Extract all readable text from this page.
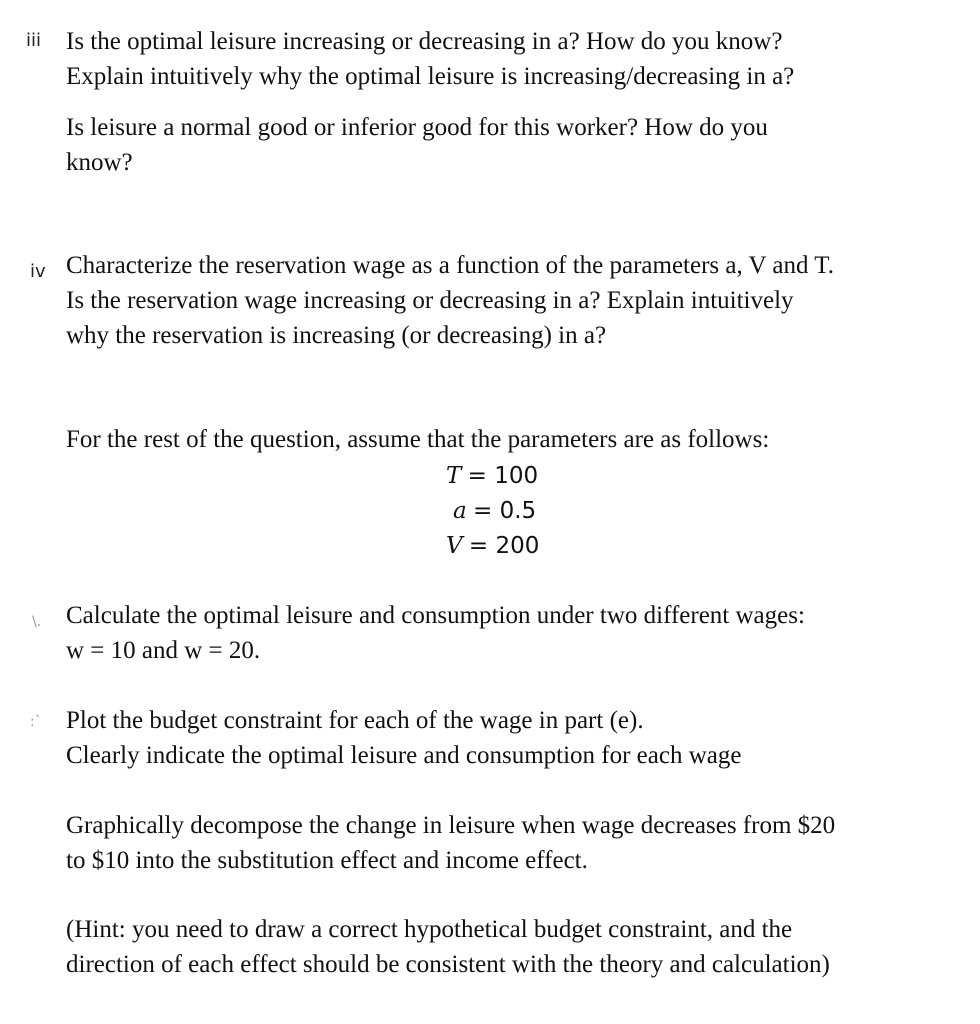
iii Is the optimal leisure increasing or decreasing in a? How do you know?
Explain intuitively why the optimal leisure is increasing/decreasing in a?
Is leisure a normal good or inferior good for this worker? How do you
know?
iv Characterize the reservation wage as a function of the parameters a, V and T.
Is the reservation wage increasing or decreasing in a? Explain intuitively
why the reservation is increasing (or decreasing) in a?
For the rest of the question, assume that the parameters are as follows:
T = 100
a = 0.5
V = 200
\. Calculate the optimal leisure and consumption under two different wages:
w = 10 and w = 20.
:` Plot the budget constraint for each of the wage in part (e).
Clearly indicate the optimal leisure and consumption for each wage
Graphically decompose the change in leisure when wage decreases from $20
to $10 into the substitution effect and income effect.
(Hint: you need to draw a correct hypothetical budget constraint, and the
direction of each effect should be consistent with the theory and calculation)
